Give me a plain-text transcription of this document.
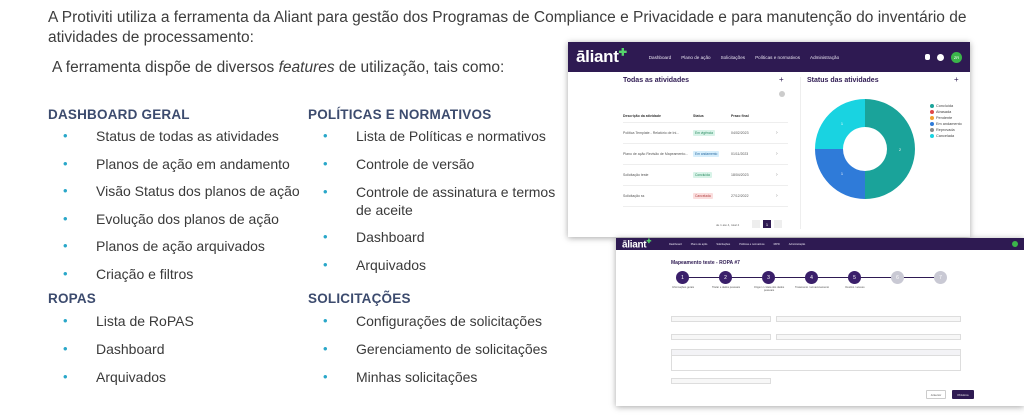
A Protiviti utiliza a ferramenta da Aliant para gestão dos Programas de Compliance e Privacidade e para manutenção do inventário de atividades de processamento:
A ferramenta dispõe de diversos features de utilização, tais como:
DASHBOARD GERAL
• Status de todas as atividades
• Planos de ação em andamento
• Visão Status dos planos de ação
• Evolução dos planos de ação
• Planos de ação arquivados
• Criação e filtros
ROPAS
• Lista de RoPAS
• Dashboard
• Arquivados
POLÍTICAS E NORMATIVOS
• Lista de Políticas e normativos
• Controle de versão
• Controle de assinatura e termos de aceite
• Dashboard
• Arquivados
SOLICITAÇÕES
• Configurações de solicitações
• Gerenciamento de solicitações
• Minhas solicitações
āliant✚	Dashboard Plano de ação Solicitações Políticas e normativos Administração	ZR
Todas as atividades	+
Descrição da atividade	Status	Prazo final
Política Template - Relatório de Ini...	Em vigência	04/02/2023	›
Plano de ação Revisão de Mapeamento...	Em andamento	01/11/2023	›
Solicitação teste	Concluída	18/04/2023	›
Solicitação ss	Cancelada	27/12/2022	›
de 1 até 4, total 4	1
Status das atividades	+
2
1
1
Concluída
Atrasada
Pendente
Em andamento
Reprovada
Cancelada
āliant✚	Dashboard	Plano de ação	Solicitações	Políticas e normativos	RIPD	Administração
Mapeamento teste - ROPA #7
1	2	3	4	5	6	7
Informações gerais	Titular e dados pessoais	Origem / coleta dos dados pessoais
Tratamento / armazenamento	Destino / acesso
Anterior	Próximo
